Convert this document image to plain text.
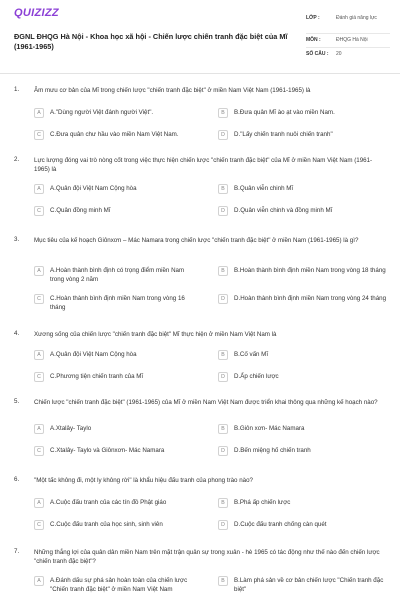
QUIZIZZ
ĐGNL ĐHQG Hà Nội - Khoa học xã hội - Chiến lược chiến tranh đặc biệt của Mĩ (1961-1965)
LỚP :	Đánh giá năng lực
MÔN :	ĐHQG Hà Nội
SỐ CÂU :	20
1. Âm mưu cơ bản của Mĩ trong chiến lược "chiến tranh đặc biệt" ở miền Nam Việt Nam (1961-1965) là
A	A."Dùng người Việt đánh người Việt".	B	B.Đưa quân Mĩ ào ạt vào miền Nam.
C	C.Đưa quân chư hầu vào miền Nam Việt Nam.	D	D."Lấy chiến tranh nuôi chiến tranh"
2. Lực lượng đóng vai trò nòng cốt trong việc thực hiện chiến lược "chiến tranh đặc biệt" của Mĩ ở miền Nam Việt Nam (1961-1965) là
A	A.Quân đội Việt Nam Cộng hòa	B	B.Quân viễn chinh Mĩ
C	C.Quân đồng minh Mĩ	D	D.Quân viễn chinh và đồng minh Mĩ
3. Mục tiêu của kế hoạch Giônxơn – Mác Namara trong chiến lược "chiến tranh đặc biệt" ở miền Nam (1961-1965) là gì?
A	A.Hoàn thành bình định có trọng điểm miền Nam trong vòng 2 năm
B	B.Hoàn thành bình định miền Nam trong vòng 18 tháng
C	C.Hoàn thành bình định miền Nam trong vòng 16 tháng
D	D.Hoàn thành bình định miền Nam trong vòng 24 tháng
4. Xương sống của chiến lược "chiến tranh đặc biệt" Mĩ thực hiện ở miền Nam Việt Nam là
A	A.Quân đội Việt Nam Cộng hòa	B	B.Cố vấn Mĩ
C	C.Phương tiện chiến tranh của Mĩ	D	D.Ấp chiến lược
5. Chiến lược "chiến tranh đặc biệt" (1961-1965) của Mĩ ở miền Nam Việt Nam được triển khai thông qua những kế hoạch nào?
A	A.Xtalây- Taylo	B	B.Giôn xơn- Mác Namara
C	C.Xtalây- Taylo và Giônxơn- Mác Namara	D	D.Bến miệng hố chiến tranh
6. "Một tấc không đi, một ly không rời" là khẩu hiệu đấu tranh của phong trào nào?
A	A.Cuộc đấu tranh của các tín đồ Phật giáo	B	B.Phá ấp chiến lược
C	C.Cuộc đấu tranh của học sinh, sinh viên	D	D.Cuộc đấu tranh chống càn quét
7. Những thắng lợi của quân dân miền Nam trên mặt trận quân sự trong xuân - hè 1965 có tác động như thế nào đến chiến lược "chiến tranh đặc biệt"?
A	A.Đánh dấu sự phá sản hoàn toàn của chiến lược "Chiến tranh đặc biệt" ở miền Nam Việt Nam
B	B.Làm phá sản về cơ bản chiến lược "Chiến tranh đặc biệt"
